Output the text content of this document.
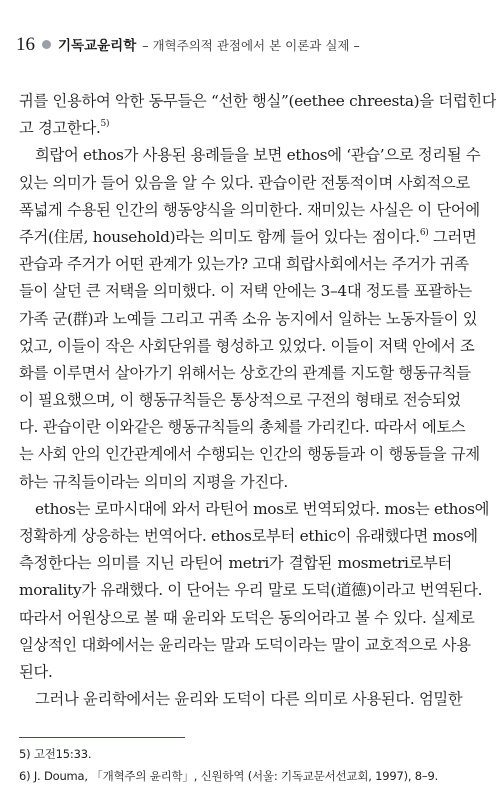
16 기독교윤리학 – 개혁주의적 관점에서 본 이론과 실제 –
귀를 인용하여 악한 동무들은 “선한 행실”(eethee chreesta)을 더럽힌다
고 경고한다.$^{5)}$
희랍어 ethos가 사용된 용례들을 보면 ethos에 ‘관습’으로 정리될 수
있는 의미가 들어 있음을 알 수 있다. 관습이란 전통적이며 사회적으로
폭넓게 수용된 인간의 행동양식을 의미한다. 재미있는 사실은 이 단어에
주거(住居, household)라는 의미도 함께 들어 있다는 점이다.$^{6)}$ 그러면
관습과 주거가 어떤 관계가 있는가? 고대 희랍사회에서는 주거가 귀족
들이 살던 큰 저택을 의미했다. 이 저택 안에는 3–4대 정도를 포괄하는
가족 군(群)과 노예들 그리고 귀족 소유 농지에서 일하는 노동자들이 있
었고, 이들이 작은 사회단위를 형성하고 있었다. 이들이 저택 안에서 조
화를 이루면서 살아가기 위해서는 상호간의 관계를 지도할 행동규칙들
이 필요했으며, 이 행동규칙들은 통상적으로 구전의 형태로 전승되었
다. 관습이란 이와같은 행동규칙들의 총체를 가리킨다. 따라서 에토스
는 사회 안의 인간관계에서 수행되는 인간의 행동들과 이 행동들을 규제
하는 규칙들이라는 의미의 지평을 가진다.
ethos는 로마시대에 와서 라틴어 mos로 번역되었다. mos는 ethos에
정확하게 상응하는 번역어다. ethos로부터 ethic이 유래했다면 mos에
측정한다는 의미를 지닌 라틴어 metri가 결합된 mosmetri로부터
morality가 유래했다. 이 단어는 우리 말로 도덕(道德)이라고 번역된다.
따라서 어원상으로 볼 때 윤리와 도덕은 동의어라고 볼 수 있다. 실제로
일상적인 대화에서는 윤리라는 말과 도덕이라는 말이 교호적으로 사용
된다.
그러나 윤리학에서는 윤리와 도덕이 다른 의미로 사용된다. 엄밀한
5) 고전15:33.
6) J. Douma, 「개혁주의 윤리학」, 신원하역 (서울: 기독교문서선교회, 1997), 8–9.
